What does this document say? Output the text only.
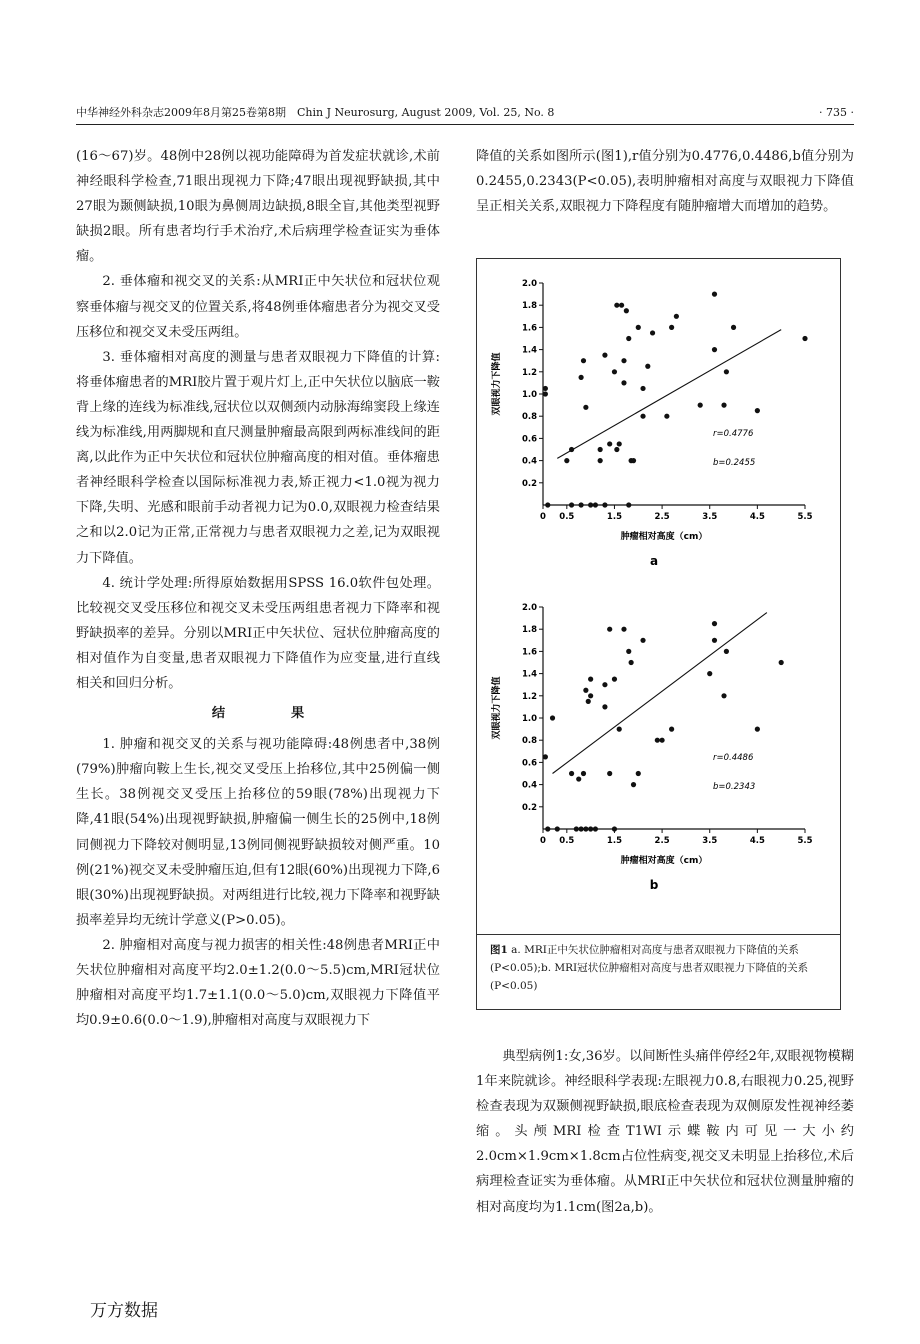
中华神经外科杂志2009年8月第25卷第8期　Chin J Neurosurg, August 2009, Vol. 25, No. 8	· 735 ·

(16～67)岁。48例中28例以视功能障碍为首发症状就诊,术前神经眼科学检查,71眼出现视力下降;47眼出现视野缺损,其中27眼为颞侧缺损,10眼为鼻侧周边缺损,8眼全盲,其他类型视野缺损2眼。所有患者均行手术治疗,术后病理学检查证实为垂体瘤。

2. 垂体瘤和视交叉的关系:从MRI正中矢状位和冠状位观察垂体瘤与视交叉的位置关系,将48例垂体瘤患者分为视交叉受压移位和视交叉未受压两组。

3. 垂体瘤相对高度的测量与患者双眼视力下降值的计算:将垂体瘤患者的MRI胶片置于观片灯上,正中矢状位以脑底一鞍背上缘的连线为标准线,冠状位以双侧颈内动脉海绵窦段上缘连线为标准线,用两脚规和直尺测量肿瘤最高限到两标准线间的距离,以此作为正中矢状位和冠状位肿瘤高度的相对值。垂体瘤患者神经眼科学检查以国际标准视力表,矫正视力<1.0视为视力下降,失明、光感和眼前手动者视力记为0.0,双眼视力检查结果之和以2.0记为正常,正常视力与患者双眼视力之差,记为双眼视力下降值。

4. 统计学处理:所得原始数据用SPSS 16.0软件包处理。比较视交叉受压移位和视交叉未受压两组患者视力下降率和视野缺损率的差异。分别以MRI正中矢状位、冠状位肿瘤高度的相对值作为自变量,患者双眼视力下降值作为应变量,进行直线相关和回归分析。

结　果

1. 肿瘤和视交叉的关系与视功能障碍:48例患者中,38例(79%)肿瘤向鞍上生长,视交叉受压上抬移位,其中25例偏一侧生长。38例视交叉受压上抬移位的59眼(78%)出现视力下降,41眼(54%)出现视野缺损,肿瘤偏一侧生长的25例中,18例同侧视力下降较对侧明显,13例同侧视野缺损较对侧严重。10例(21%)视交叉未受肿瘤压迫,但有12眼(60%)出现视力下降,6眼(30%)出现视野缺损。对两组进行比较,视力下降率和视野缺损率差异均无统计学意义(P>0.05)。

2. 肿瘤相对高度与视力损害的相关性:48例患者MRI正中矢状位肿瘤相对高度平均2.0±1.2(0.0～5.5)cm,MRI冠状位肿瘤相对高度平均1.7±1.1(0.0～5.0)cm,双眼视力下降值平均0.9±0.6(0.0～1.9),肿瘤相对高度与双眼视力下

降值的关系如图所示(图1),r值分别为0.4776,0.4486,b值分别为0.2455,0.2343(P<0.05),表明肿瘤相对高度与双眼视力下降值呈正相关关系,双眼视力下降程度有随肿瘤增大而增加的趋势。

0.2
0.4
0.6
0.8
1.0
1.2
1.4
1.6
1.8
2.0
0 0.5	1.5	2.5	3.5	4.5	5.5
肿瘤相对高度（cm）
双眼视力下降值
r=0.4776
b=0.2455
a
0.2
0.4
0.6
0.8
1.0
1.2
1.4
1.6
1.8
2.0
0 0.5	1.5	2.5	3.5	4.5	5.5
肿瘤相对高度（cm）
双眼视力下降值
r=0.4486
b=0.2343
b
图1 a. MRI正中矢状位肿瘤相对高度与患者双眼视力下降值的关系(P<0.05);b. MRI冠状位肿瘤相对高度与患者双眼视力下降值的关系(P<0.05)

典型病例1:女,36岁。以间断性头痛伴停经2年,双眼视物模糊1年来院就诊。神经眼科学表现:左眼视力0.8,右眼视力0.25,视野检查表现为双颞侧视野缺损,眼底检查表现为双侧原发性视神经萎缩。头颅MRI检查T1WI示蝶鞍内可见一大小约2.0cm×1.9cm×1.8cm占位性病变,视交叉未明显上抬移位,术后病理检查证实为垂体瘤。从MRI正中矢状位和冠状位测量肿瘤的相对高度均为1.1cm(图2a,b)。

万方数据
